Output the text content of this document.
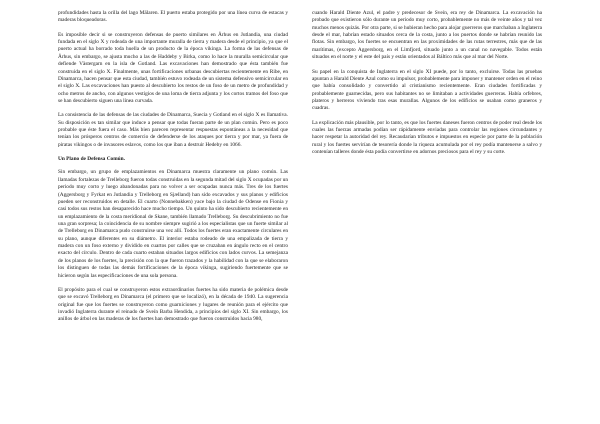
profundidades hasta la orilla del lago Mälaren. El puerto estaba protegido por una línea curva de estacas y maderas bloqueadoras.

Es imposible decir si se construyeron defensas de puerto similares en Århus en Jutlandia, una ciudad fundada en el siglo X y rodeada de una importante muralla de tierra y madera desde el principio, ya que el puerto actual ha borrado toda huella de un producto de la época vikinga. La forma de las defensas de Århus, sin embargo, se ajusta mucho a las de Haddeby y Birka, como lo hace la muralla semicircular que defiende Västergarn en la isla de Gotland. Las excavaciones han demostrado que ésta también fue construida en el siglo X. Finalmente, unas fortificaciones urbanas descubiertas recientemente en Ribe, en Dinamarca, hacen pensar que esta ciudad, también estuvo rodeada de un sistema defensivo semicircular en el siglo X. Las excavaciones han puesto al descubierto los restos de un foso de un metro de profundidad y ocho metros de ancho, con algunos vestigios de una loma de tierra adjunta y los cortos tramos del foso que se han descubierto siguen una línea curvada.

La consistencia de las defensas de las ciudades de Dinamarca, Suecia y Gotland en el siglo X es llamativa. Su disposición es tan similar que induce a pensar que todas fueran parte de un plan común. Pero es poco probable que éste fuera el caso. Más bien parecen representar respuestas espontáneas a la necesidad que tenían los prósperos centros de comercio de defenderse de los ataques por tierra y por mar, ya fuera de piratas vikingos o de invasores eslavos, como los que iban a destruir Hedeby en 1066.

Un Plano de Defensa Común.

Sin embargo, un grupo de emplazamientos en Dinamarca muestra claramente un plano común. Las llamadas fortalezas de Trelleborg fueron todas construidas en la segunda mitad del siglo X ocupadas por un periodo muy corto y luego abandonadas para no volver a ser ocupadas nunca más. Tres de los fuertes (Aggersborg y Fyrkat en Jutlandia y Trelleborg en Sjælland) han sido excavados y sus planos y edificios pueden ser reconstruidos en detalle. El cuarto (Nonnebakken) yace bajo la ciudad de Odense en Fionia y casi todos sus restos han desaparecido hace mucho tiempo. Un quinto ha sido descubierto recientemente en un emplazamiento de la costa meridional de Skane, también llamado Trelleborg. Su descubrimiento no fue una gran sorpresa; la coincidencia de su nombre siempre sugirió a los especialistas que un fuerte similar al de Trelleborg en Dinamarca pudo construirse una vez allí. Todos los fuertes eran exactamente circulares en su plano, aunque diferentes en su diámetro. El interior estaba rodeado de una empalizada de tierra y madera con un foso externo y dividido en cuartos por calles que se cruzaban en ángulo recto en el centro exacto del círculo. Dentro de cada cuarto estaban situados largos edificios con lados curvos. La semejanza de los planos de los fuertes, la precisión con la que fueron trazados y la habilidad con la que se elaboraron los distinguen de todas las demás fortificaciones de la época vikinga, sugiriendo fuertemente que se hicieron según las especificaciones de una sola persona.

El propósito para el cual se construyeron estos extraordinarios fuertes ha sido materia de polémica desde que se excavó Trelleborg en Dinamarca (el primero que se localizó), en la década de 1940. La sugerencia original fue que los fuertes se construyeron como guarniciones y lugares de reunión para el ejército que invadió Inglaterra durante el reinado de Sveín Barba Hendida, a principios del siglo XI. Sin embargo, los anillos de árbol en las maderas de los fuertes han demostrado que fueron construidos hacia 980,

cuando Harald Diente Azul, el padre y predecesor de Sveín, era rey de Dinamarca. La excavación ha probado que existieron sólo durante un periodo muy corto, probablemente no más de veinte años y tal vez muchos menos quizás. Por otra parte, si se hubieran hecho para alojar guerreros que marchaban a Inglaterra desde el mar, habrían estado situados cerca de la costa, junto a los puertos donde se habrían reunido las flotas. Sin embargo, los fuertes se encuentran en las proximidades de las rutas terrestres, más que de las marítimas, (excepto Aggersborg, en el Limfjord, situado junto a un canal no navegable. Todos están situados en el norte y el este del país y están orientados al Báltico más que al mar del Norte.

Su papel en la conquista de Inglaterra en el siglo XI puede, por lo tanto, excluirse. Todas las pruebas apuntan a Harald Diente Azul como su impulsor, probablemente para imponer y mantener orden en el reino que había consolidado y convertido al cristianismo recientemente. Eran ciudades fortificadas y probablemente guarnecidas, pero sus habitantes no se limitaban a actividades guerreras. Había orfebres, plateros y herreros viviendo tras esas murallas. Algunos de los edificios se usaban como graneros y cuadras.

La explicación más plausible, por lo tanto, es que los fuertes daneses fueron centros de poder real desde los cuales las fuerzas armadas podían ser rápidamente enviadas para controlar las regiones circundantes y hacer respetar la autoridad del rey. Recaudarían tributos e impuestos en especie por parte de la población rural y los fuertes servirían de tesorería donde la riqueza acumulada por el rey podía mantenerse a salvo y contenían talleres donde ésta podía convertirse en adornos preciosos para el rey y su corte.
